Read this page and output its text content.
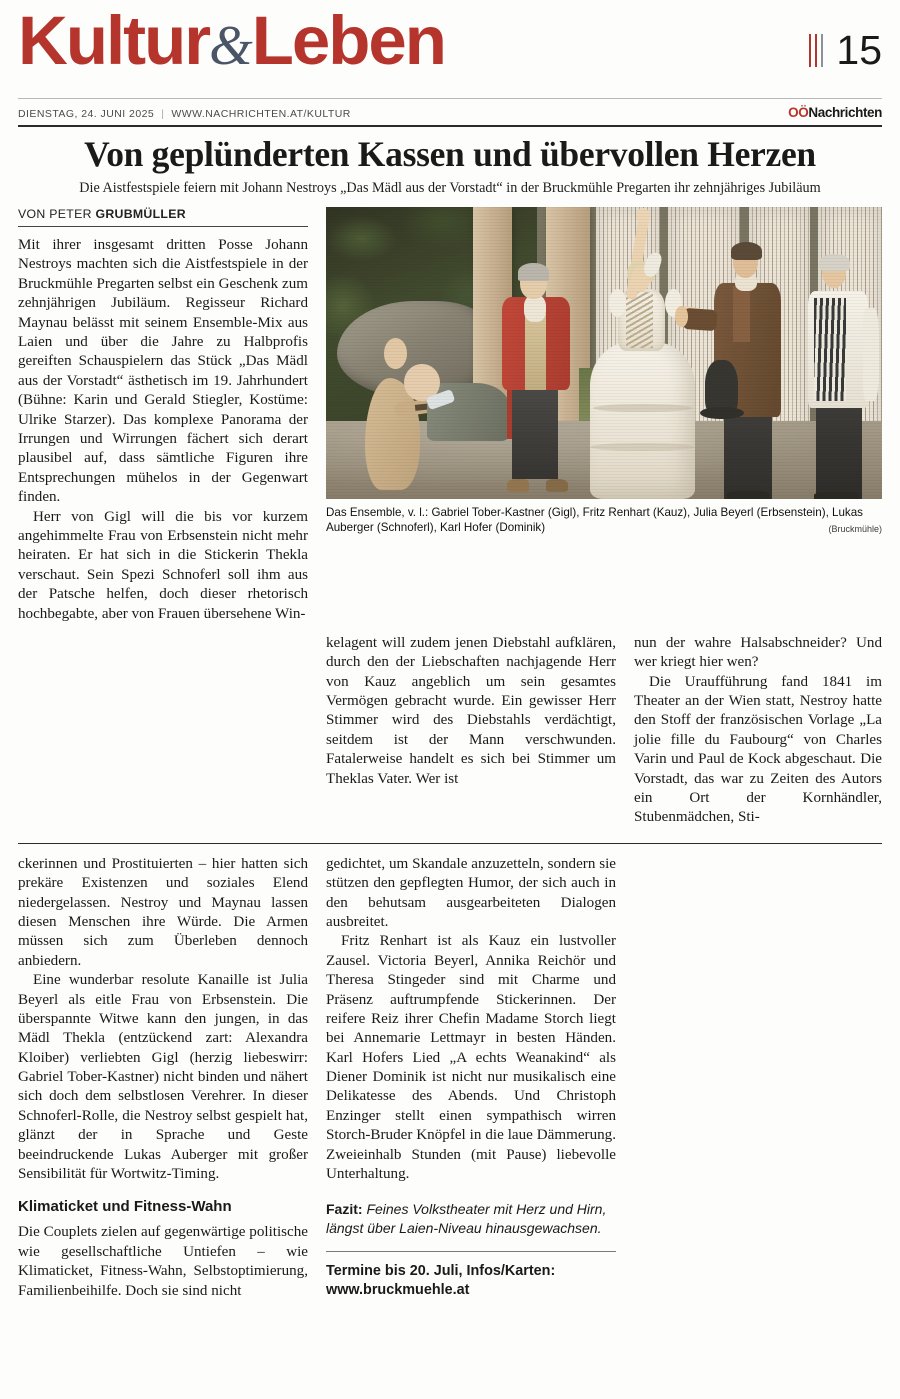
Kultur&Leben	15
DIENSTAG, 24. JUNI 2025 | WWW.NACHRICHTEN.AT/KULTUR	OÖNachrichten
Von geplünderten Kassen und übervollen Herzen

Die Aistfestspiele feiern mit Johann Nestroys „Das Mädl aus der Vorstadt“ in der Bruckmühle Pregarten ihr zehnjähriges Jubiläum

VON PETER GRUBMÜLLER

Mit ihrer insgesamt dritten Posse Johann Nestroys machten sich die Aistfestspiele in der Bruckmühle Pregarten selbst ein Geschenk zum zehnjährigen Jubiläum. Regisseur Richard Maynau belässt mit seinem Ensemble-Mix aus Laien und über die Jahre zu Halbprofis gereiften Schauspielern das Stück „Das Mädl aus der Vorstadt“ ästhetisch im 19. Jahrhundert (Bühne: Karin und Gerald Stiegler, Kostüme: Ulrike Starzer). Das komplexe Panorama der Irrungen und Wirrungen fächert sich derart plausibel auf, dass sämtliche Figuren ihre Entsprechungen mühelos in der Gegenwart finden.

Herr von Gigl will die bis vor kurzem angehimmelte Frau von Erbsenstein nicht mehr heiraten. Er hat sich in die Stickerin Thekla verschaut. Sein Spezi Schnoferl soll ihm aus der Patsche helfen, doch dieser rhetorisch hochbegabte, aber von Frauen übersehene Win-

Das Ensemble, v. l.: Gabriel Tober-Kastner (Gigl), Fritz Renhart (Kauz), Julia Beyerl (Erbsenstein), Lukas Auberger (Schnoferl), Karl Hofer (Dominik)	(Bruckmühle)

kelagent will zudem jenen Diebstahl aufklären, durch den der Liebschaften nachjagende Herr von Kauz angeblich um sein gesamtes Vermögen gebracht wurde. Ein gewisser Herr Stimmer wird des Diebstahls verdächtigt, seitdem ist der Mann verschwunden. Fatalerweise handelt es sich bei Stimmer um Theklas Vater. Wer ist

nun der wahre Halsabschneider? Und wer kriegt hier wen?

Die Uraufführung fand 1841 im Theater an der Wien statt, Nestroy hatte den Stoff der französischen Vorlage „La jolie fille du Faubourg“ von Charles Varin und Paul de Kock abgeschaut. Die Vorstadt, das war zu Zeiten des Autors ein Ort der Kornhändler, Stubenmädchen, Sti-

ckerinnen und Prostituierten – hier hatten sich prekäre Existenzen und soziales Elend niedergelassen. Nestroy und Maynau lassen diesen Menschen ihre Würde. Die Armen müssen sich zum Überleben dennoch anbiedern.

Eine wunderbar resolute Kanaille ist Julia Beyerl als eitle Frau von Erbsenstein. Die überspannte Witwe kann den jungen, in das Mädl Thekla (entzückend zart: Alexandra Kloiber) verliebten Gigl (herzig liebeswirr: Gabriel Tober-Kastner) nicht binden und nähert sich doch dem selbstlosen Verehrer. In dieser Schnoferl-Rolle, die Nestroy selbst gespielt hat, glänzt der in Sprache und Geste beeindruckende Lukas Auberger mit großer Sensibilität für Wortwitz-Timing.

Klimaticket und Fitness-Wahn

Die Couplets zielen auf gegenwärtige politische wie gesellschaftliche Untiefen – wie Klimaticket, Fitness-Wahn, Selbstoptimierung, Familienbeihilfe. Doch sie sind nicht

gedichtet, um Skandale anzuzetteln, sondern sie stützen den gepflegten Humor, der sich auch in den behutsam ausgearbeiteten Dialogen ausbreitet.

Fritz Renhart ist als Kauz ein lustvoller Zausel. Victoria Beyerl, Annika Reichör und Theresa Stingeder sind mit Charme und Präsenz auftrumpfende Stickerinnen. Der reifere Reiz ihrer Chefin Madame Storch liegt bei Annemarie Lettmayr in besten Händen. Karl Hofers Lied „A echts Weanakind“ als Diener Dominik ist nicht nur musikalisch eine Delikatesse des Abends. Und Christoph Enzinger stellt einen sympathisch wirren Storch-Bruder Knöpfel in die laue Dämmerung. Zweieinhalb Stunden (mit Pause) liebevolle Unterhaltung.

Fazit: Feines Volkstheater mit Herz und Hirn, längst über Laien-Niveau hinausgewachsen.
Termine bis 20. Juli, Infos/Karten:
www.bruckmuehle.at
